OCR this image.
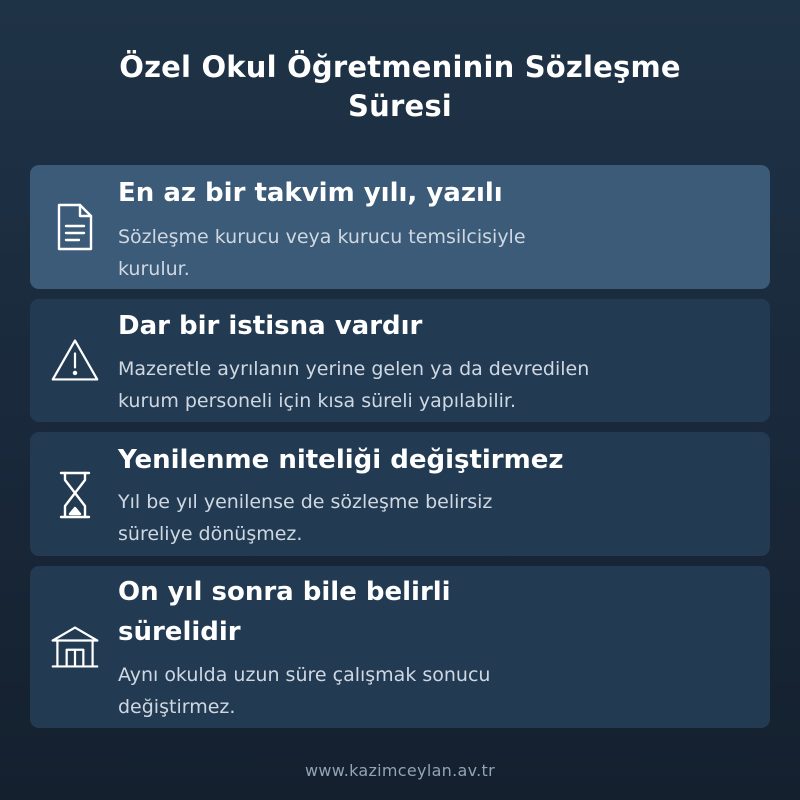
Özel Okul Öğretmeninin Sözleşme
Süresi
En az bir takvim yılı, yazılı
Sözleşme kurucu veya kurucu temsilcisiyle
kurulur.
Dar bir istisna vardır
Mazeretle ayrılanın yerine gelen ya da devredilen
kurum personeli için kısa süreli yapılabilir.
Yenilenme niteliği değiştirmez
Yıl be yıl yenilense de sözleşme belirsiz
süreliye dönüşmez.
On yıl sonra bile belirli
sürelidir
Aynı okulda uzun süre çalışmak sonucu
değiştirmez.
www.kazimceylan.av.tr
